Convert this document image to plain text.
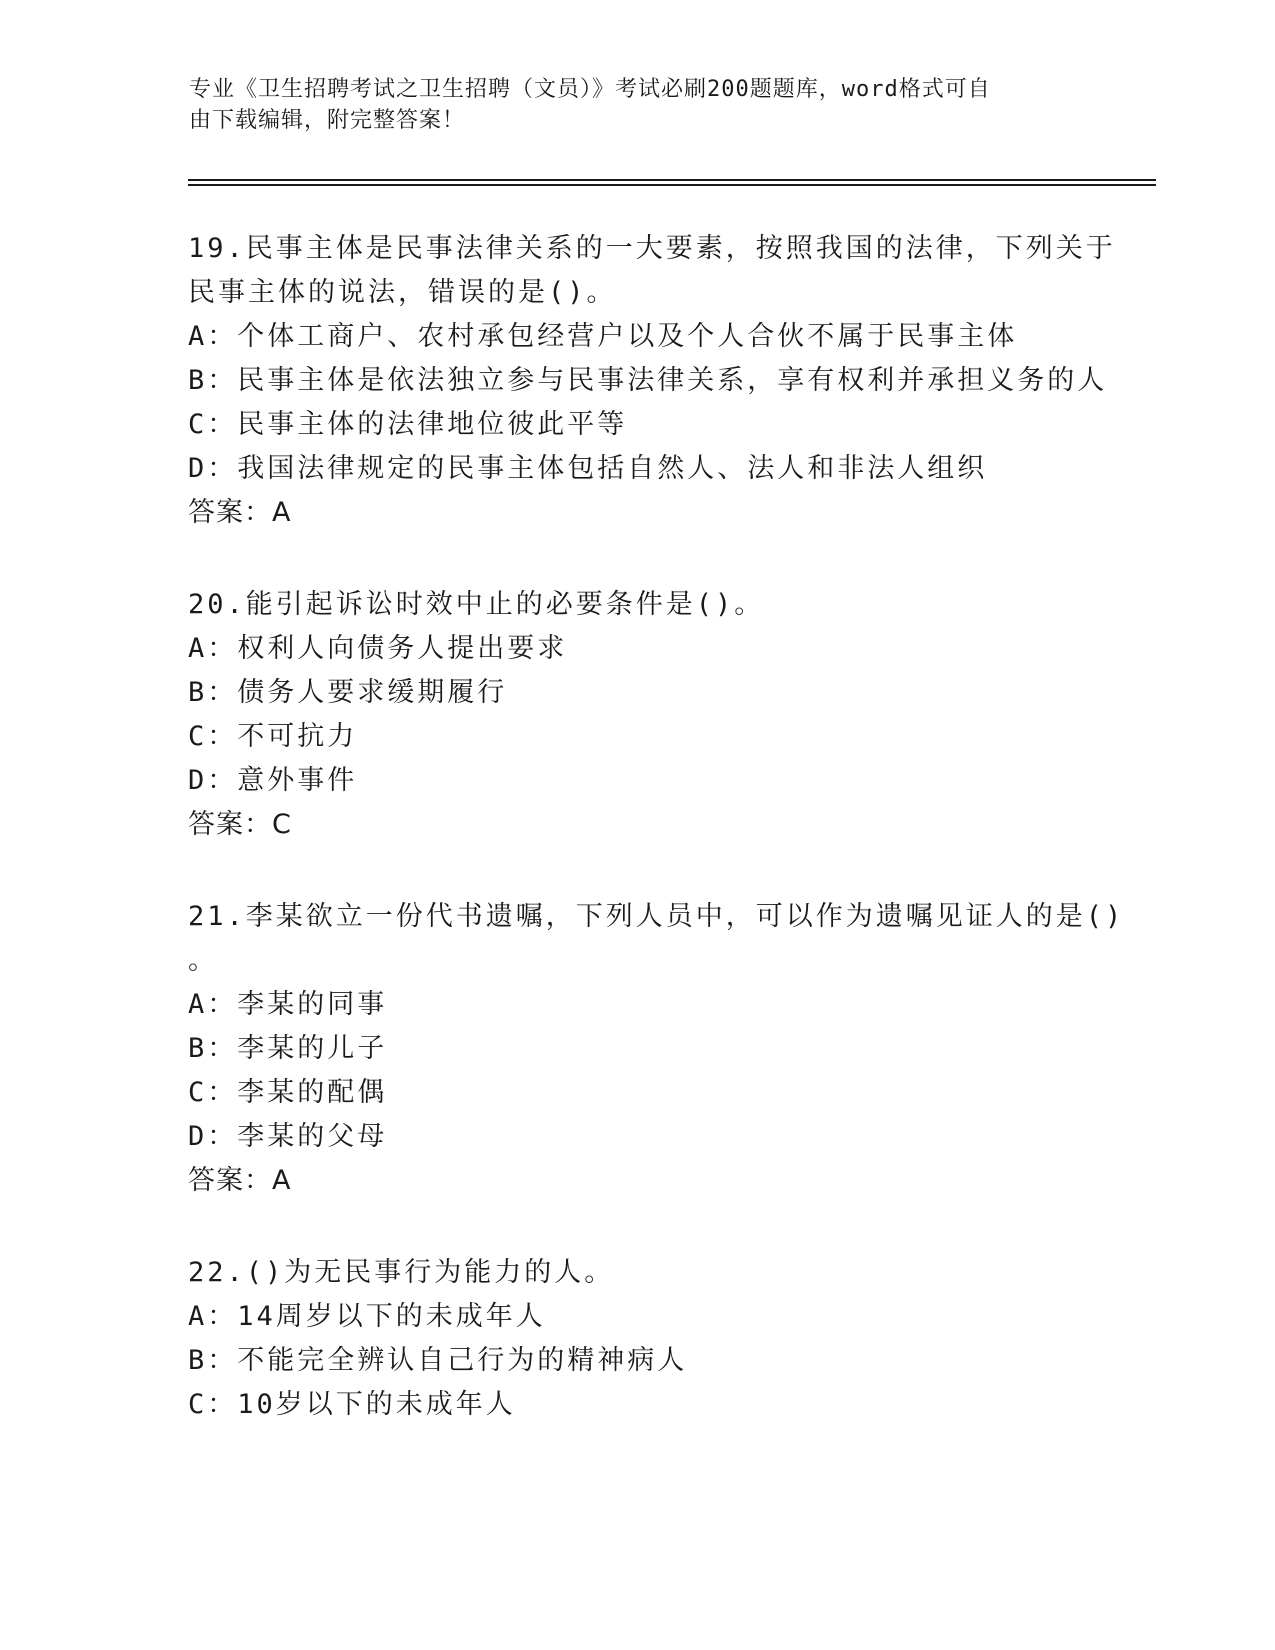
专业《卫生招聘考试之卫生招聘（文员）》考试必刷200题题库，word格式可自
由下载编辑，附完整答案！
19.民事主体是民事法律关系的一大要素，按照我国的法律，下列关于
民事主体的说法，错误的是()。
A：个体工商户、农村承包经营户以及个人合伙不属于民事主体
B：民事主体是依法独立参与民事法律关系，享有权利并承担义务的人
C：民事主体的法律地位彼此平等
D：我国法律规定的民事主体包括自然人、法人和非法人组织
答案：A
20.能引起诉讼时效中止的必要条件是()。
A：权利人向债务人提出要求
B：债务人要求缓期履行
C：不可抗力
D：意外事件
答案：C
21.李某欲立一份代书遗嘱，下列人员中，可以作为遗嘱见证人的是()
。
A：李某的同事
B：李某的儿子
C：李某的配偶
D：李某的父母
答案：A
22.()为无民事行为能力的人。
A：14周岁以下的未成年人
B：不能完全辨认自己行为的精神病人
C：10岁以下的未成年人
